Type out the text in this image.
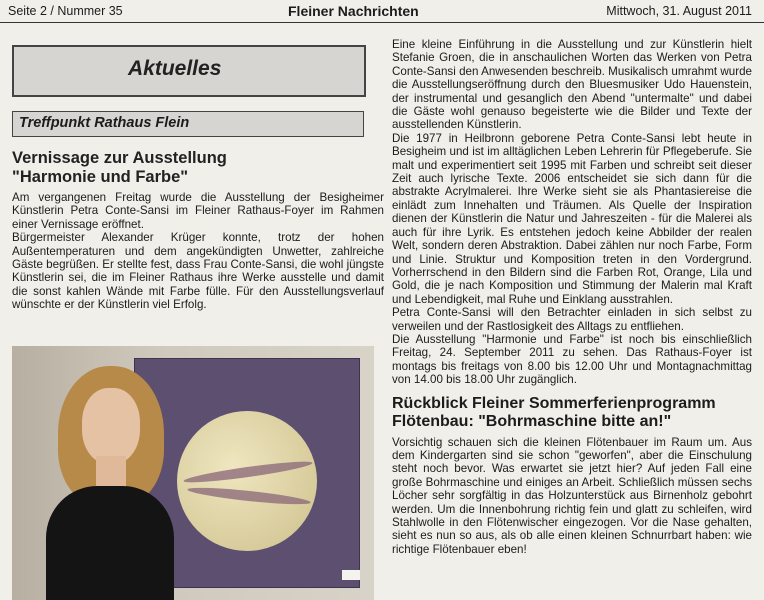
Seite 2 / Nummer 35	Fleiner Nachrichten	Mittwoch, 31. August 2011
Aktuelles
Treffpunkt Rathaus Flein
Vernissage zur Ausstellung
"Harmonie und Farbe"

Am vergangenen Freitag wurde die Ausstellung der Besigheimer Künstlerin Petra Conte-Sansi im Fleiner Rathaus-Foyer im Rahmen einer Vernissage eröffnet.

Bürgermeister Alexander Krüger konnte, trotz der hohen Außentemperaturen und dem angekündigten Unwetter, zahlreiche Gäste begrüßen. Er stellte fest, dass Frau Conte-Sansi, die wohl jüngste Künstlerin sei, die im Fleiner Rathaus ihre Werke ausstelle und damit die sonst kahlen Wände mit Farbe fülle. Für den Ausstellungsverlauf wünschte er der Künstlerin viel Erfolg.

Eine kleine Einführung in die Ausstellung und zur Künstlerin hielt Stefanie Groen, die in anschaulichen Worten das Werken von Petra Conte-Sansi den Anwesenden beschreib. Musikalisch umrahmt wurde die Ausstellungseröffnung durch den Bluesmusiker Udo Hauenstein, der instrumental und gesanglich den Abend "untermalte" und dabei die Gäste wohl genauso begeisterte wie die Bilder und Texte der ausstellenden Künstlerin.

Die 1977 in Heilbronn geborene Petra Conte-Sansi lebt heute in Besigheim und ist im alltäglichen Leben Lehrerin für Pflegeberufe. Sie malt und experimentiert seit 1995 mit Farben und schreibt seit dieser Zeit auch lyrische Texte. 2006 entscheidet sie sich dann für die abstrakte Acrylmalerei. Ihre Werke sieht sie als Phantasiereise die einlädt zum Innehalten und Träumen. Als Quelle der Inspiration dienen der Künstlerin die Natur und Jahreszeiten - für die Malerei als auch für ihre Lyrik. Es entstehen jedoch keine Abbilder der realen Welt, sondern deren Abstraktion. Dabei zählen nur noch Farbe, Form und Linie. Struktur und Komposition treten in den Vordergrund. Vorherrschend in den Bildern sind die Farben Rot, Orange, Lila und Gold, die je nach Komposition und Stimmung der Malerin mal Kraft und Lebendigkeit, mal Ruhe und Einklang ausstrahlen.

Petra Conte-Sansi will den Betrachter einladen in sich selbst zu verweilen und der Rastlosigkeit des Alltags zu entfliehen.

Die Ausstellung "Harmonie und Farbe" ist noch bis einschließlich Freitag, 24. September 2011 zu sehen. Das Rathaus-Foyer ist montags bis freitags von 8.00 bis 12.00 Uhr und Montagnachmittag von 14.00 bis 18.00 Uhr zugänglich.

Rückblick Fleiner Sommerferienprogramm
Flötenbau: "Bohrmaschine bitte an!"

Vorsichtig schauen sich die kleinen Flötenbauer im Raum um. Aus dem Kindergarten sind sie schon "geworfen", aber die Einschulung steht noch bevor. Was erwartet sie jetzt hier? Auf jeden Fall eine große Bohrmaschine und einiges an Arbeit. Schließlich müssen sechs Löcher sehr sorgfältig in das Holzunterstück aus Birnenholz gebohrt werden. Um die Innenbohrung richtig fein und glatt zu schleifen, wird Stahlwolle in den Flötenwischer eingezogen. Vor die Nase gehalten, sieht es nun so aus, als ob alle einen kleinen Schnurrbart haben: wie richtige Flötenbauer eben!
